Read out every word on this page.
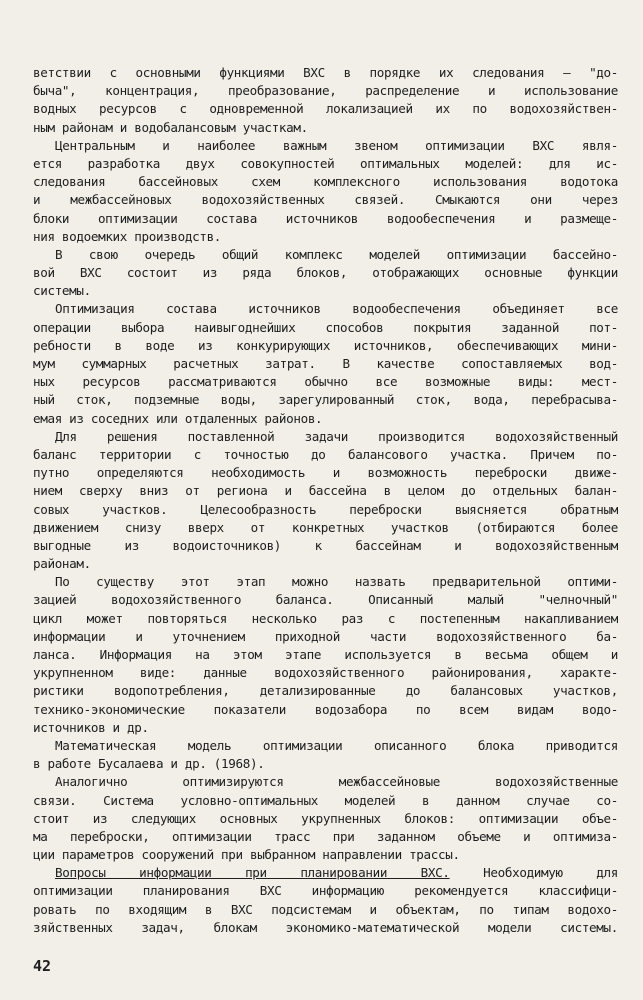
ветствии с основными функциями ВХС в порядке их следования – "до-
быча", концентрация, преобразование, распределение и использование
водных ресурсов с одновременной локализацией их по водохозяйствен-
ным районам и водобалансовым участкам.
Центральным и наиболее важным звеном оптимизации ВХС явля-
ется разработка двух совокупностей оптимальных моделей: для ис-
следования бассейновых схем комплексного использования водотока
и межбассейновых водохозяйственных связей. Смыкаются они через
блоки оптимизации состава источников водообеспечения и размеще-
ния водоемких производств.
В свою очередь общий комплекс моделей оптимизации бассейно-
вой ВХС состоит из ряда блоков, отображающих основные функции
системы.
Оптимизация состава источников водообеспечения объединяет все
операции выбора наивыгоднейших способов покрытия заданной пот-
ребности в воде из конкурирующих источников, обеспечивающих мини-
мум суммарных расчетных затрат. В качестве сопоставляемых вод-
ных ресурсов рассматриваются обычно все возможные виды: мест-
ный сток, подземные воды, зарегулированный сток, вода, перебрасыва-
емая из соседних или отдаленных районов.
Для решения поставленной задачи производится водохозяйственный
баланс территории с точностью до балансового участка. Причем по-
путно определяются необходимость и возможность переброски движе-
нием сверху вниз от региона и бассейна в целом до отдельных балан-
совых участков. Целесообразность переброски выясняется обратным
движением снизу вверх от конкретных участков (отбираются более
выгодные из водоисточников) к бассейнам и водохозяйственным
районам.
По существу этот этап можно назвать предварительной оптими-
зацией водохозяйственного баланса. Описанный малый "челночный"
цикл может повторяться несколько раз с постепенным накапливанием
информации и уточнением приходной части водохозяйственного ба-
ланса. Информация на этом этапе используется в весьма общем и
укрупненном виде: данные водохозяйственного районирования, характе-
ристики водопотребления, детализированные до балансовых участков,
технико-экономические показатели водозабора по всем видам водо-
источников и др.
Математическая модель оптимизации описанного блока приводится
в работе Бусалаева и др. (1968).
Аналогично оптимизируются межбассейновые водохозяйственные
связи. Система условно-оптимальных моделей в данном случае со-
стоит из следующих основных укрупненных блоков: оптимизации объе-
ма переброски, оптимизации трасс при заданном объеме и оптимиза-
ции параметров сооружений при выбранном направлении трассы.
Вопросы информации при планировании ВХС. Необходимую для
оптимизации планирования ВХС информацию рекомендуется классифици-
ровать по входящим в ВХС подсистемам и объектам, по типам водохо-
зяйственных задач, блокам экономико-математической модели системы.
42
